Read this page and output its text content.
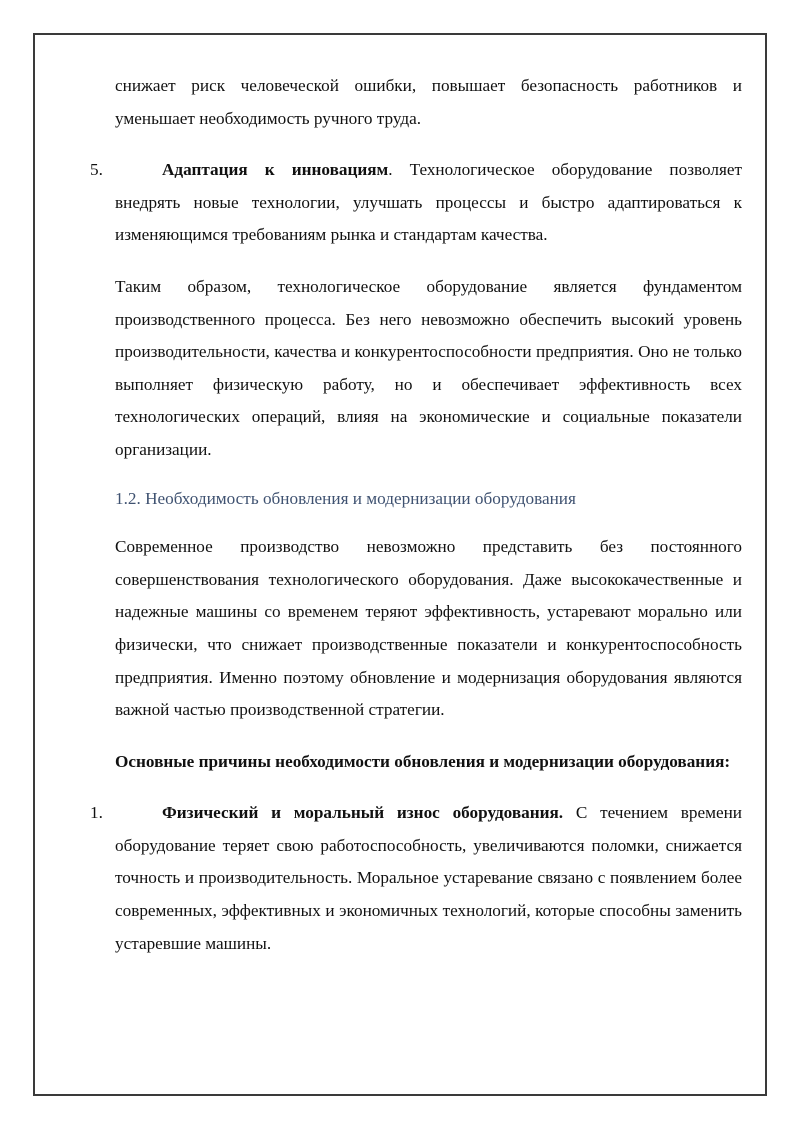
снижает риск человеческой ошибки, повышает безопасность работников и уменьшает необходимость ручного труда.

5.	Адаптация к инновациям. Технологическое оборудование позволяет внедрять новые технологии, улучшать процессы и быстро адаптироваться к изменяющимся требованиям рынка и стандартам качества.

Таким образом, технологическое оборудование является фундаментом производственного процесса. Без него невозможно обеспечить высокий уровень производительности, качества и конкурентоспособности предприятия. Оно не только выполняет физическую работу, но и обеспечивает эффективность всех технологических операций, влияя на экономические и социальные показатели организации.

1.2. Необходимость обновления и модернизации оборудования

Современное производство невозможно представить без постоянного совершенствования технологического оборудования. Даже высококачественные и надежные машины со временем теряют эффективность, устаревают морально или физически, что снижает производственные показатели и конкурентоспособность предприятия. Именно поэтому обновление и модернизация оборудования являются важной частью производственной стратегии.

Основные причины необходимости обновления и модернизации оборудования:

1.	Физический и моральный износ оборудования. С течением времени оборудование теряет свою работоспособность, увеличиваются поломки, снижается точность и производительность. Моральное устаревание связано с появлением более современных, эффективных и экономичных технологий, которые способны заменить устаревшие машины.
